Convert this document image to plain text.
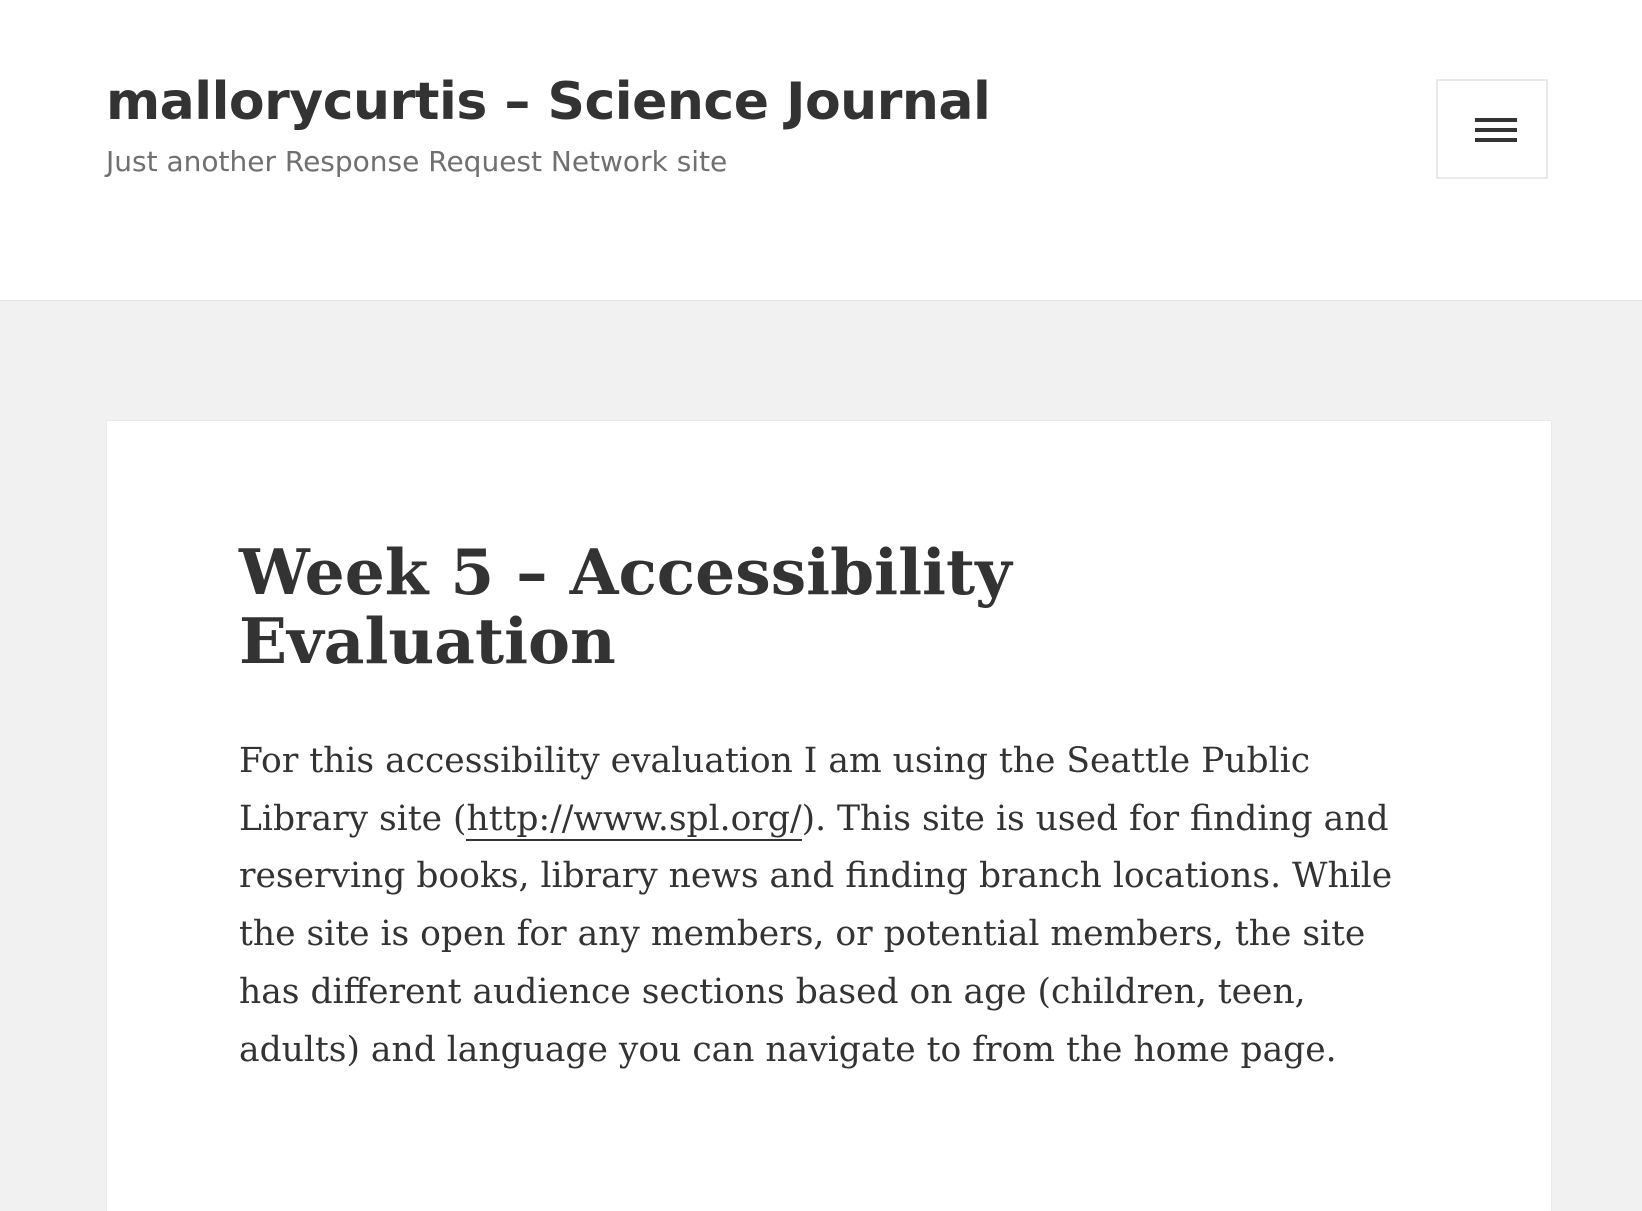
mallorycurtis – Science Journal

Just another Response Request Network site

Week 5 – Accessibility
Evaluation

For this accessibility evaluation I am using the Seattle Public Library site (http://www.spl.org/). This site is used for finding and reserving books, library news and finding branch locations. While the site is open for any members, or potential members, the site has different audience sections based on age (children, teen, adults) and language you can navigate to from the home page.
